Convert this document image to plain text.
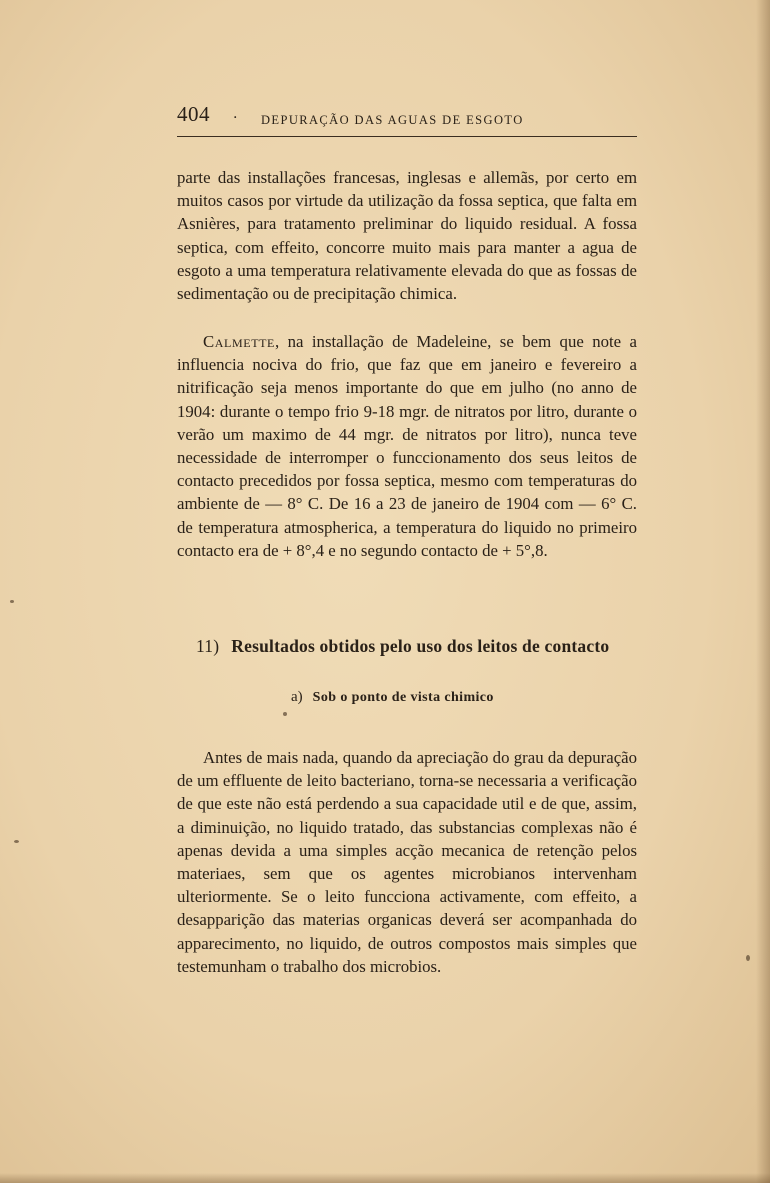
404 . DEPURAÇÃO DAS AGUAS DE ESGOTO

parte das installações francesas, inglesas e allemãs, por certo em muitos casos por virtude da utilização da fossa septica, que falta em Asnières, para tratamento preliminar do liquido residual. A fossa septica, com effeito, concorre muito mais para manter a agua de esgoto a uma temperatura relativamente elevada do que as fossas de sedimentação ou de precipitação chimica.

Calmette, na installação de Madeleine, se bem que note a influencia nociva do frio, que faz que em janeiro e fevereiro a nitrificação seja menos importante do que em julho (no anno de 1904: durante o tempo frio 9-18 mgr. de nitratos por litro, durante o verão um maximo de 44 mgr. de nitratos por litro), nunca teve necessidade de interromper o funccionamento dos seus leitos de contacto precedidos por fossa septica, mesmo com temperaturas do ambiente de — 8° C. De 16 a 23 de janeiro de 1904 com — 6° C. de temperatura atmospherica, a temperatura do liquido no primeiro contacto era de + 8°,4 e no segundo contacto de + 5°,8.

11) Resultados obtidos pelo uso dos leitos de contacto
a) Sob o ponto de vista chimico

Antes de mais nada, quando da apreciação do grau da depuração de um effluente de leito bacteriano, torna-se necessaria a verificação de que este não está perdendo a sua capacidade util e de que, assim, a diminuição, no liquido tratado, das substancias complexas não é apenas devida a uma simples acção mecanica de retenção pelos materiaes, sem que os agentes microbianos intervenham ulteriormente. Se o leito funcciona activamente, com effeito, a desapparição das materias organicas deverá ser acompanhada do apparecimento, no liquido, de outros compostos mais simples que testemunham o trabalho dos microbios.
